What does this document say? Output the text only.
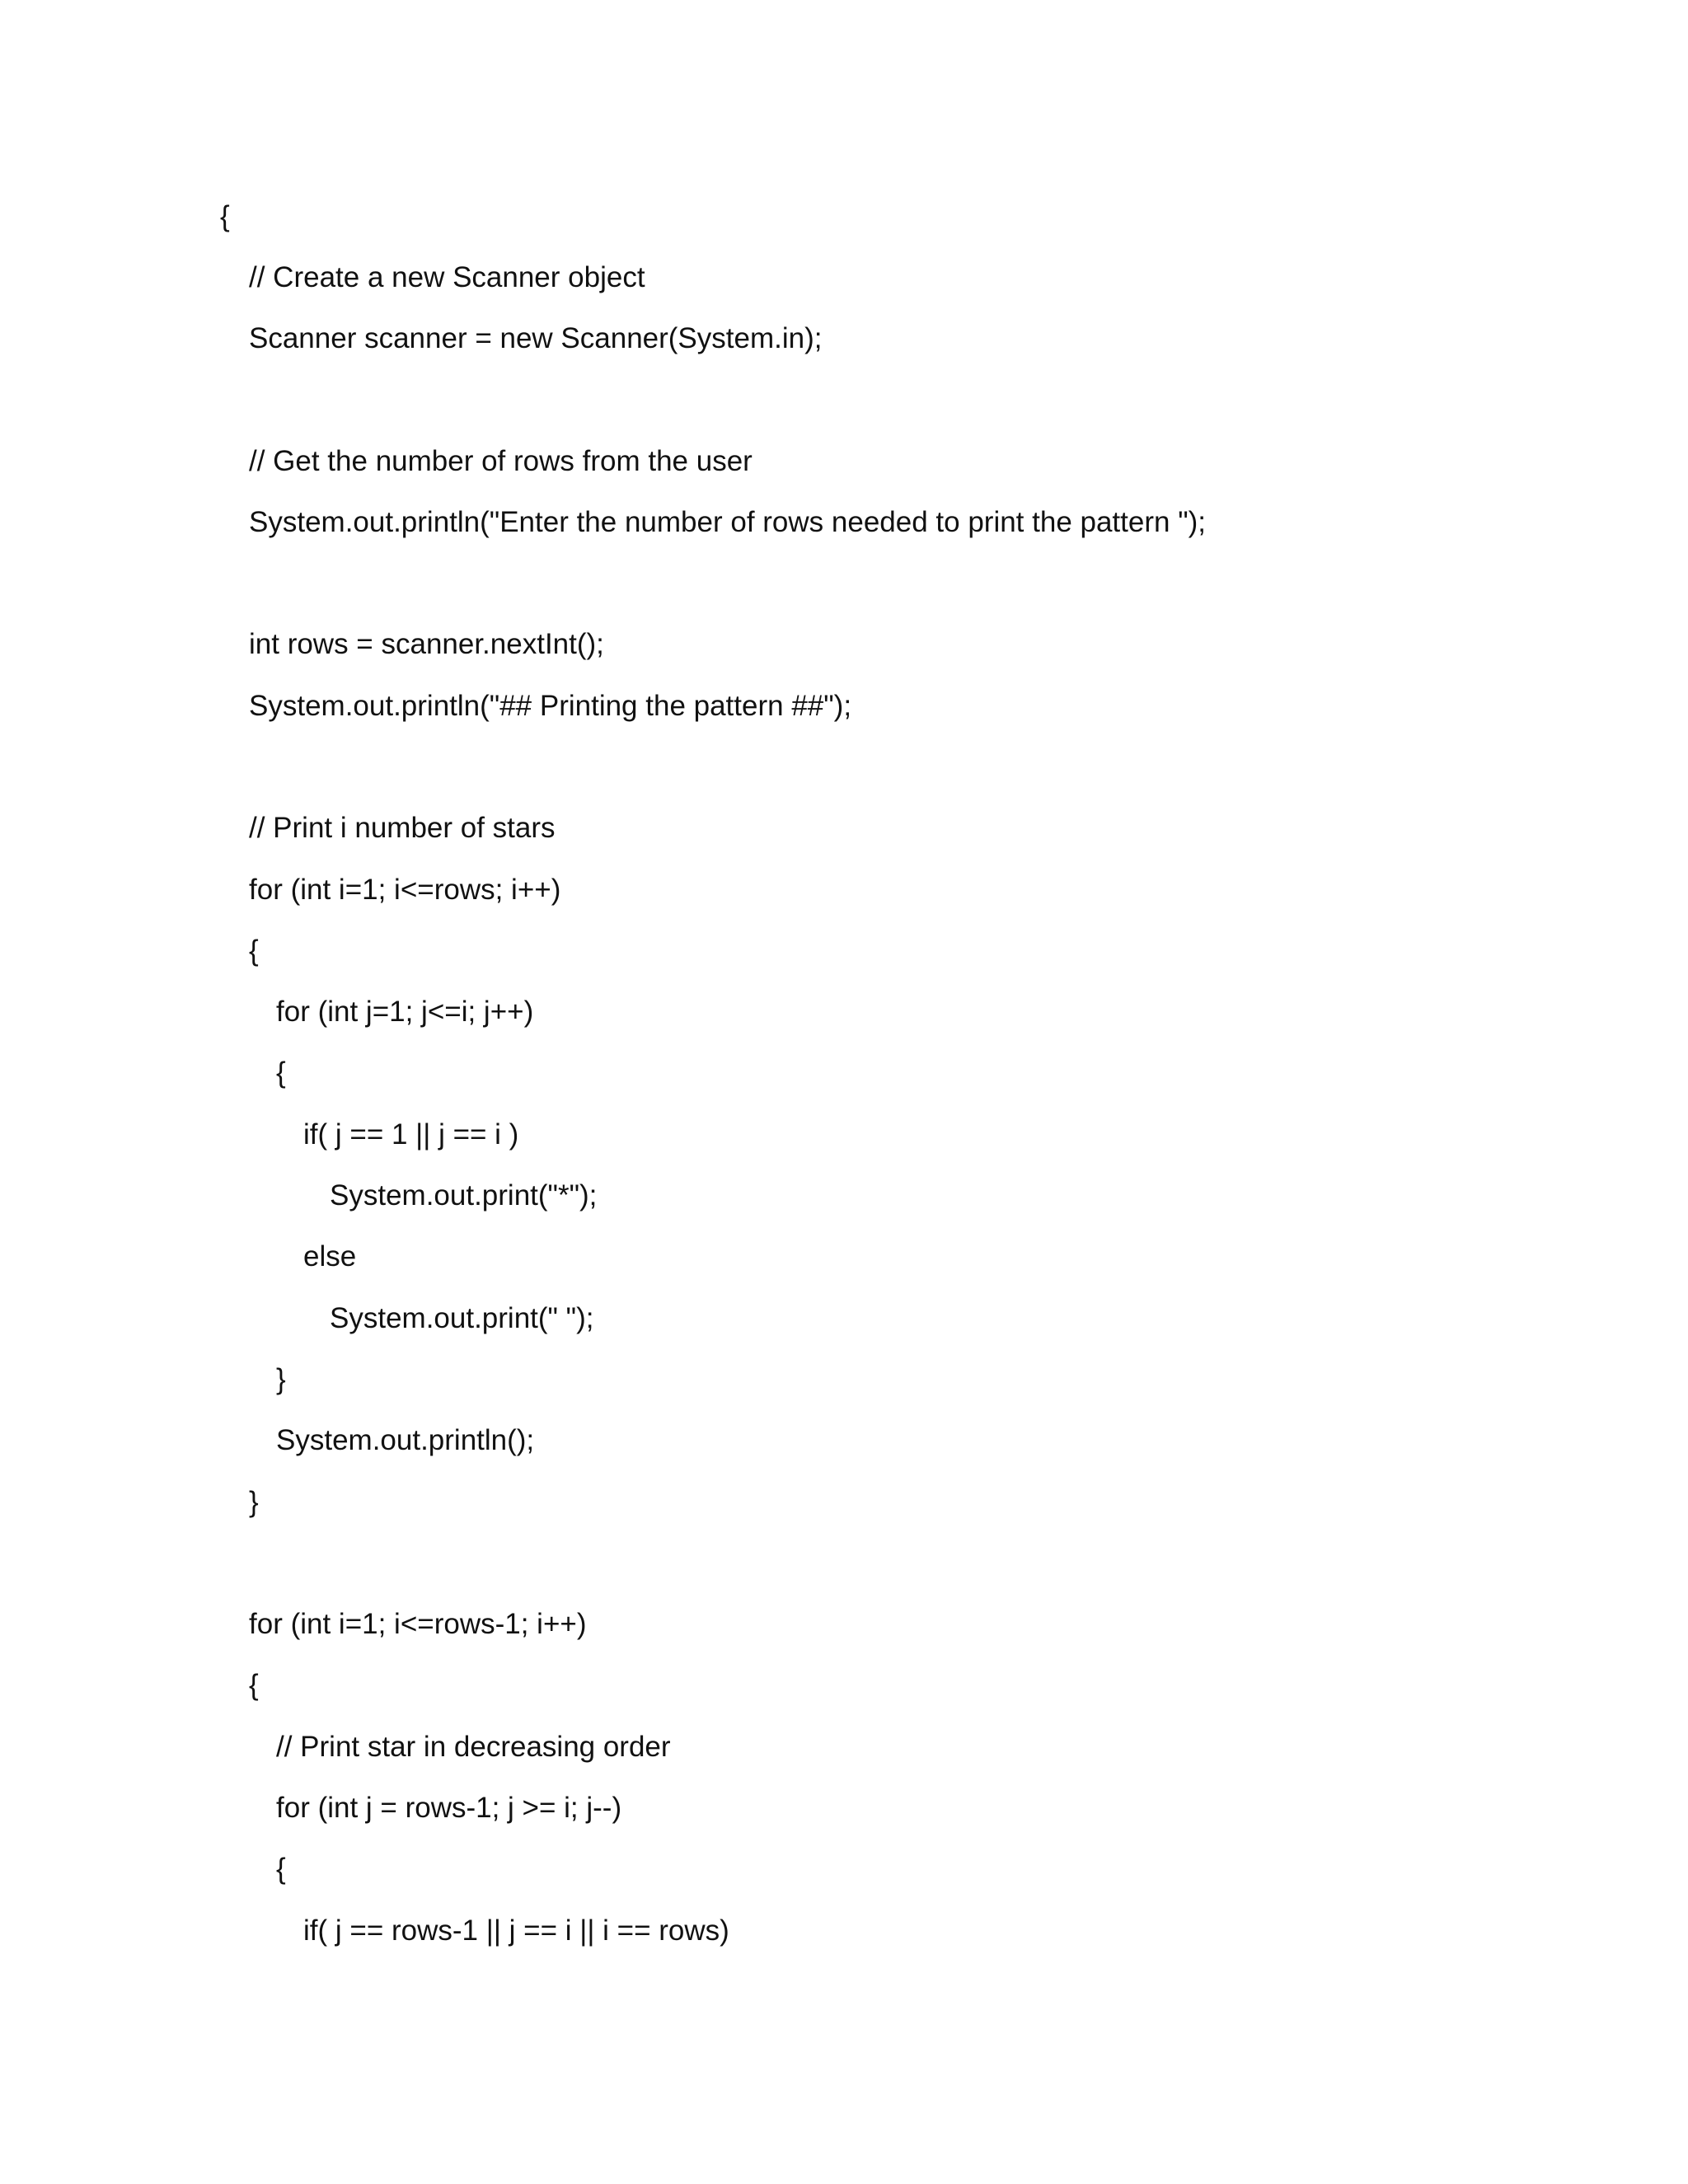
{
// Create a new Scanner object
Scanner scanner = new Scanner(System.in);
// Get the number of rows from the user
System.out.println("Enter the number of rows needed to print the pattern ");
int rows = scanner.nextInt();
System.out.println("## Printing the pattern ##");
// Print i number of stars
for (int i=1; i<=rows; i++)
{
for (int j=1; j<=i; j++)
{
if( j == 1 || j == i )
System.out.print("*");
else
System.out.print(" ");
}
System.out.println();
}
for (int i=1; i<=rows-1; i++)
{
// Print star in decreasing order
for (int j = rows-1; j >= i; j--)
{
if( j == rows-1 || j == i || i == rows)
